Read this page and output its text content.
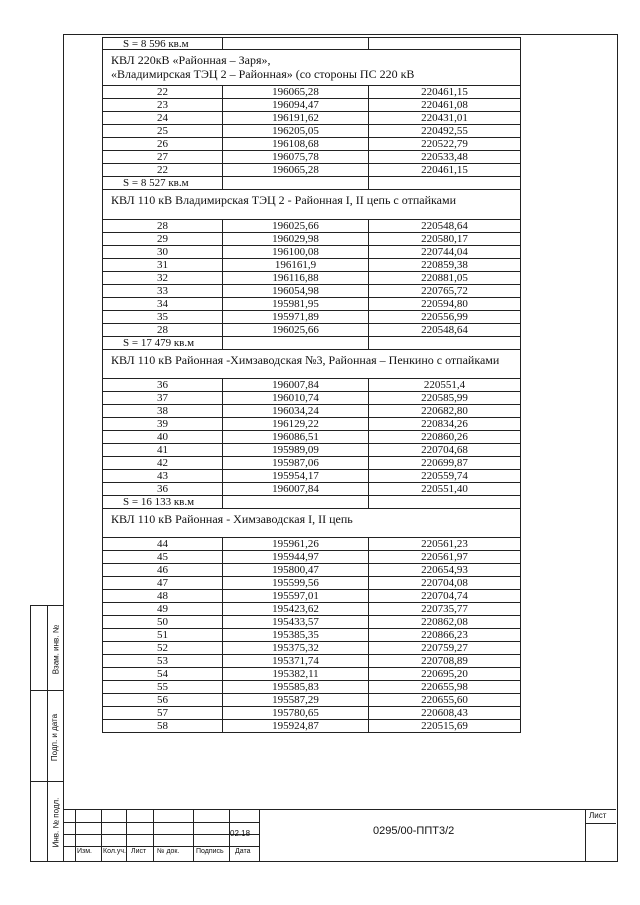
Взам. инв. №
Подп. и дата
Инв. № подл.
S = 8 596 кв.м
КВЛ 220кВ «Районная – Заря»,
«Владимирская ТЭЦ 2 – Районная» (со стороны ПС 220 кВ
22	196065,28	220461,15
23	196094,47	220461,08
24	196191,62	220431,01
25	196205,05	220492,55
26	196108,68	220522,79
27	196075,78	220533,48
22	196065,28	220461,15
S = 8 527 кв.м
КВЛ 110 кВ Владимирская ТЭЦ 2 - Районная I, II цепь с отпайками
28	196025,66	220548,64
29	196029,98	220580,17
30	196100,08	220744,04
31	196161,9	220859,38
32	196116,88	220881,05
33	196054,98	220765,72
34	195981,95	220594,80
35	195971,89	220556,99
28	196025,66	220548,64
S = 17 479 кв.м
КВЛ 110 кВ Районная -Химзаводская №3, Районная – Пенкино с отпайками
36	196007,84	220551,4
37	196010,74	220585,99
38	196034,24	220682,80
39	196129,22	220834,26
40	196086,51	220860,26
41	195989,09	220704,68
42	195987,06	220699,87
43	195954,17	220559,74
36	196007,84	220551,40
S = 16 133 кв.м
КВЛ 110 кВ Районная - Химзаводская I, II цепь
44	195961,26	220561,23
45	195944,97	220561,97
46	195800,47	220654,93
47	195599,56	220704,08
48	195597,01	220704,74
49	195423,62	220735,77
50	195433,57	220862,08
51	195385,35	220866,23
52	195375,32	220759,27
53	195371,74	220708,89
54	195382,11	220695,20
55	195585,83	220655,98
56	195587,29	220655,60
57	195780,65	220608,43
58	195924,87	220515,69
02.18	0295/00-ППТ3/2
Лист
Изм. Кол.уч. Лист № док. Подпись Дата
